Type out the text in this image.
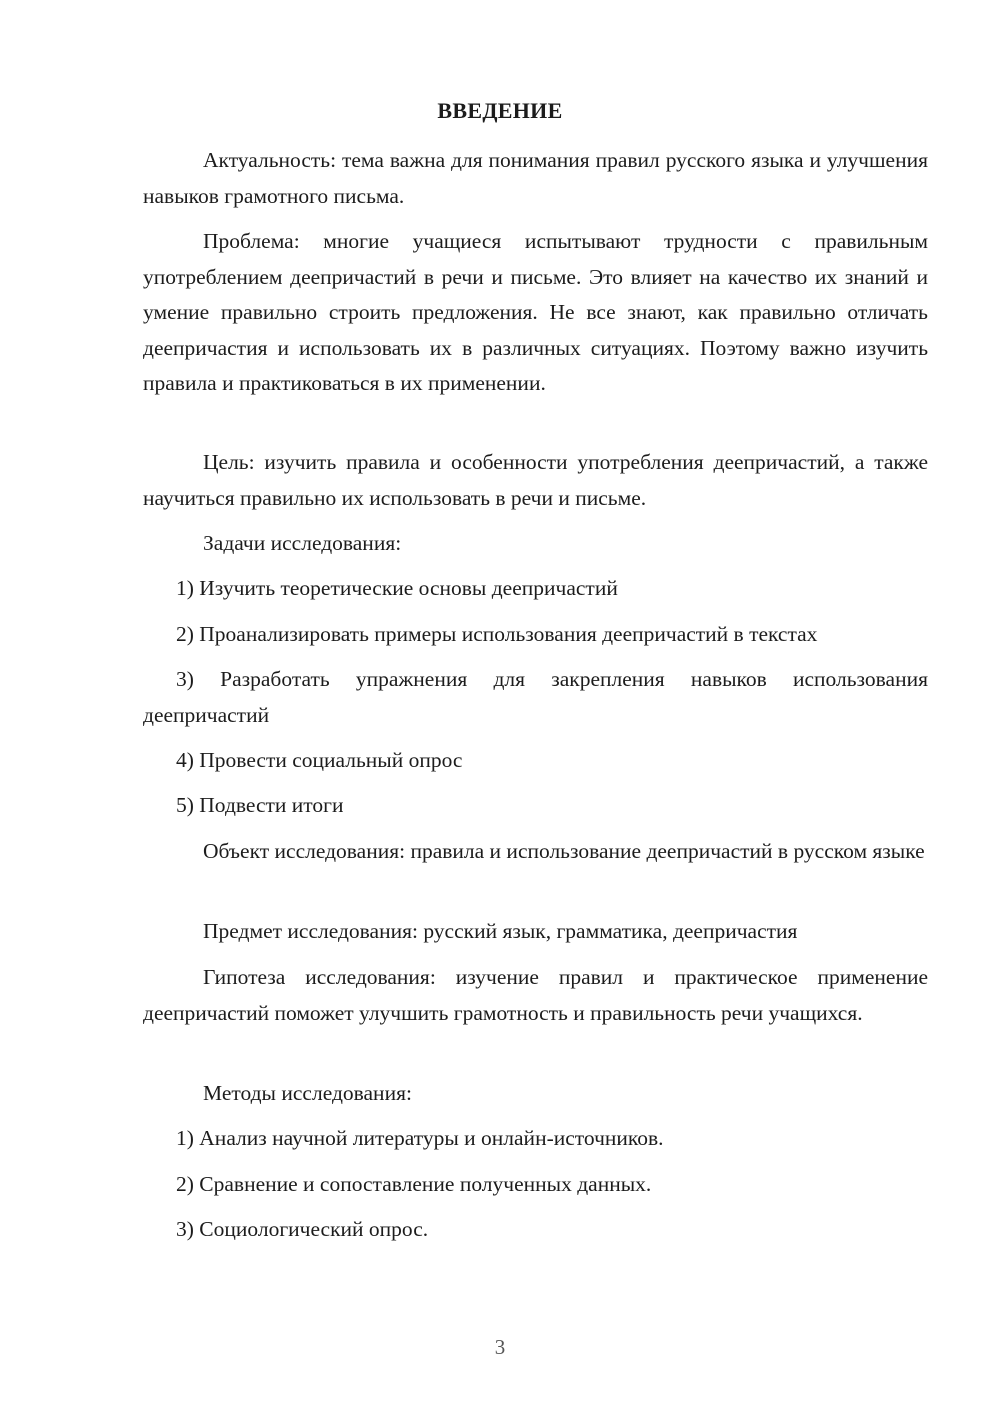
ВВЕДЕНИЕ
Актуальность: тема важна для понимания правил русского языка и улучшения навыков грамотного письма.
Проблема: многие учащиеся испытывают трудности с правильным употреблением деепричастий в речи и письме. Это влияет на качество их знаний и умение правильно строить предложения. Не все знают, как правильно отличать деепричастия и использовать их в различных ситуациях. Поэтому важно изучить правила и практиковаться в их применении.
Цель: изучить правила и особенности употребления деепричастий, а также научиться правильно их использовать в речи и письме.
Задачи исследования:
1) Изучить теоретические основы деепричастий
2) Проанализировать примеры использования деепричастий в текстах
3) Разработать упражнения для закрепления навыков использования деепричастий
4) Провести социальный опрос
5) Подвести итоги
Объект исследования: правила и использование деепричастий в русском языке
Предмет исследования: русский язык, грамматика, деепричастия
Гипотеза исследования: изучение правил и практическое применение деепричастий поможет улучшить грамотность и правильность речи учащихся.
Методы исследования:
1) Анализ научной литературы и онлайн-источников.
2) Сравнение и сопоставление полученных данных.
3) Социологический опрос.
3
